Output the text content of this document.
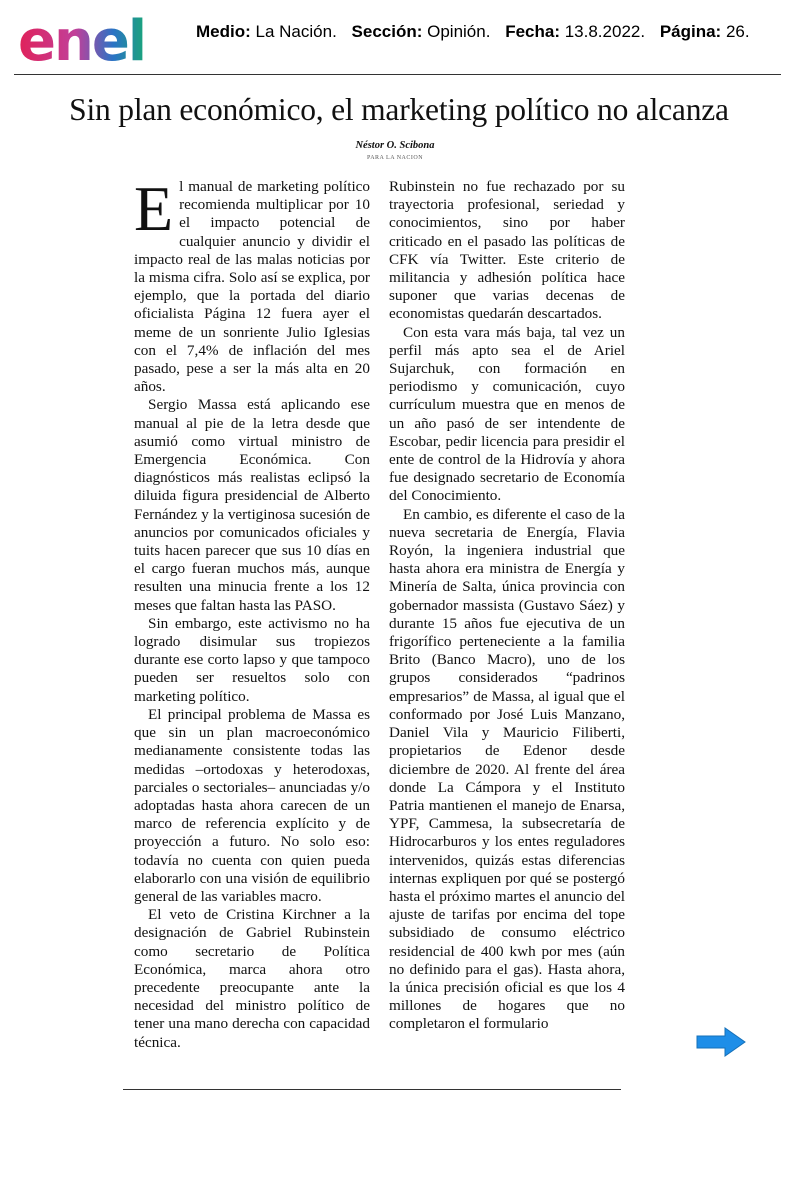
enel	Medio: La Nación. Sección: Opinión. Fecha: 13.8.2022. Página: 26.
Sin plan económico, el marketing político no alcanza
Néstor O. Scibona
PARA LA NACION
E l manual de marketing político recomienda multiplicar por 10 el impacto potencial de cualquier anuncio y dividir el impacto real de las malas noticias por la misma cifra. Solo así se explica, por ejemplo, que la portada del diario oficialista Página 12 fuera ayer el meme de un sonriente Julio Iglesias con el 7,4% de inflación del mes pasado, pese a ser la más alta en 20 años.

Sergio Massa está aplicando ese manual al pie de la letra desde que asumió como virtual ministro de Emergencia Económica. Con diagnósticos más realistas eclipsó la diluida figura presidencial de Alberto Fernández y la vertiginosa sucesión de anuncios por comunicados oficiales y tuits hacen parecer que sus 10 días en el cargo fueran muchos más, aunque resulten una minucia frente a los 12 meses que faltan hasta las PASO.

Sin embargo, este activismo no ha logrado disimular sus tropiezos durante ese corto lapso y que tampoco pueden ser resueltos solo con marketing político.

El principal problema de Massa es que sin un plan macroeconómico medianamente consistente todas las medidas –ortodoxas y heterodoxas, parciales o sectoriales– anunciadas y/o adoptadas hasta ahora carecen de un marco de referencia explícito y de proyección a futuro. No solo eso: todavía no cuenta con quien pueda elaborarlo con una visión de equilibrio general de las variables macro.

El veto de Cristina Kirchner a la designación de Gabriel Rubinstein como secretario de Política Económica, marca ahora otro precedente preocupante ante la necesidad del ministro político de tener una mano derecha con capacidad técnica.

Rubinstein no fue rechazado por su trayectoria profesional, seriedad y conocimientos, sino por haber criticado en el pasado las políticas de CFK vía Twitter. Este criterio de militancia y adhesión política hace suponer que varias decenas de economistas quedarán descartados.

Con esta vara más baja, tal vez un perfil más apto sea el de Ariel Sujarchuk, con formación en periodismo y comunicación, cuyo currículum muestra que en menos de un año pasó de ser intendente de Escobar, pedir licencia para presidir el ente de control de la Hidrovía y ahora fue designado secretario de Economía del Conocimiento.

En cambio, es diferente el caso de la nueva secretaria de Energía, Flavia Royón, la ingeniera industrial que hasta ahora era ministra de Energía y Minería de Salta, única provincia con gobernador massista (Gustavo Sáez) y durante 15 años fue ejecutiva de un frigorífico perteneciente a la familia Brito (Banco Macro), uno de los grupos considerados “padrinos empresarios” de Massa, al igual que el conformado por José Luis Manzano, Daniel Vila y Mauricio Filiberti, propietarios de Edenor desde diciembre de 2020. Al frente del área donde La Cámpora y el Instituto Patria mantienen el manejo de Enarsa, YPF, Cammesa, la subsecretaría de Hidrocarburos y los entes reguladores intervenidos, quizás estas diferencias internas expliquen por qué se postergó hasta el próximo martes el anuncio del ajuste de tarifas por encima del tope subsidiado de consumo eléctrico residencial de 400 kwh por mes (aún no definido para el gas). Hasta ahora, la única precisión oficial es que los 4 millones de hogares que no completaron el formulario
